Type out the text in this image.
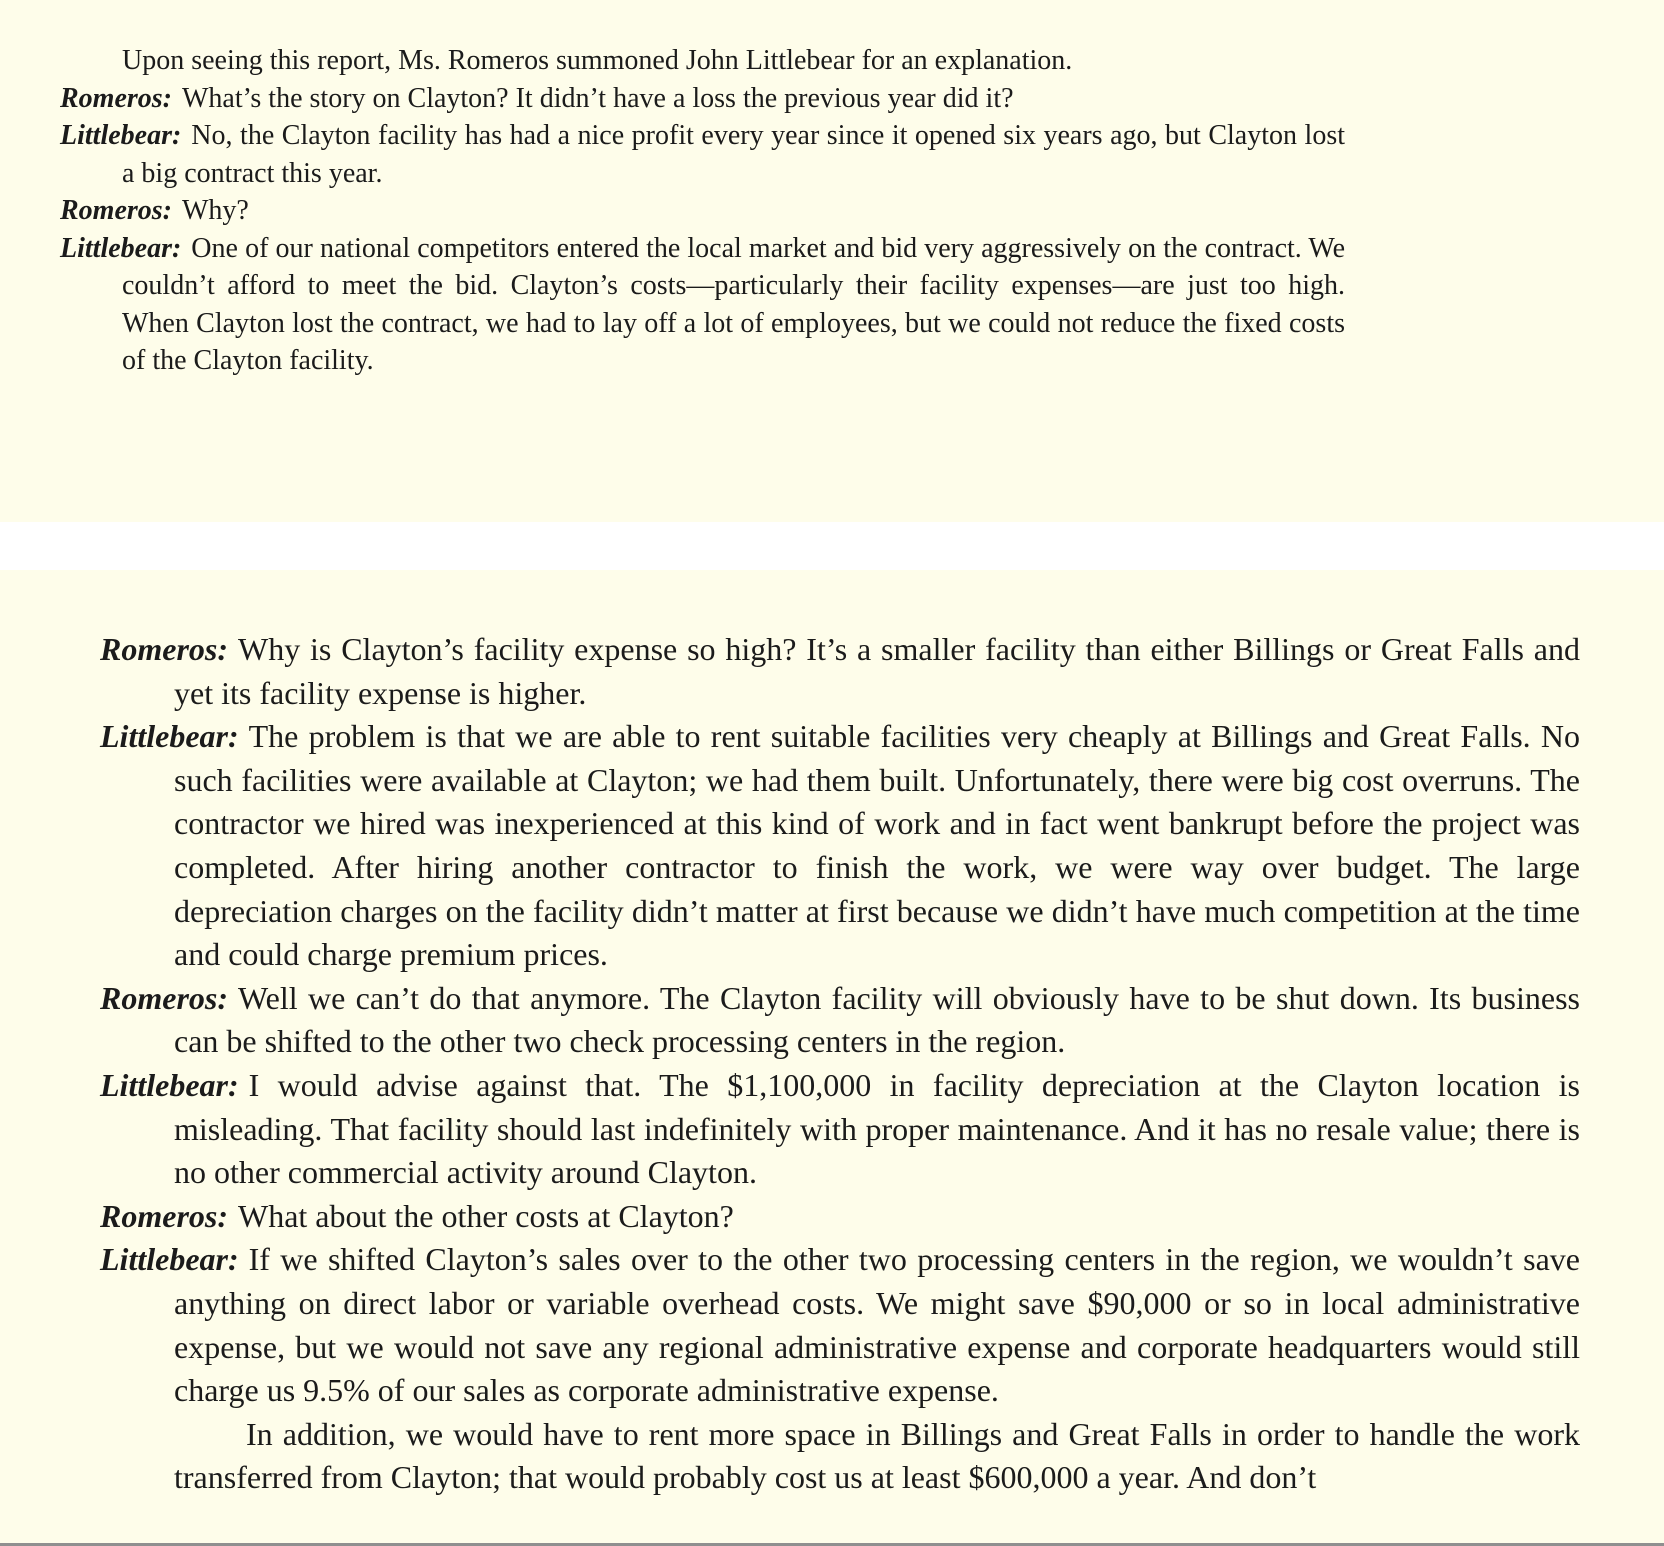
Upon seeing this report, Ms. Romeros summoned John Littlebear for an explanation.

Romeros: What’s the story on Clayton? It didn’t have a loss the previous year did it?

Littlebear: No, the Clayton facility has had a nice profit every year since it opened six years ago, but Clayton lost a big contract this year.

Romeros: Why?

Littlebear: One of our national competitors entered the local market and bid very aggressively on the contract. We couldn’t afford to meet the bid. Clayton’s costs—particularly their facility expenses—are just too high. When Clayton lost the contract, we had to lay off a lot of employees, but we could not reduce the fixed costs of the Clayton facility.

Romeros: Why is Clayton’s facility expense so high? It’s a smaller facility than either Billings or Great Falls and yet its facility expense is higher.

Littlebear: The problem is that we are able to rent suitable facilities very cheaply at Billings and Great Falls. No such facilities were available at Clayton; we had them built. Unfortunately, there were big cost overruns. The contractor we hired was inexperienced at this kind of work and in fact went bankrupt before the project was completed. After hiring another contractor to finish the work, we were way over budget. The large depreciation charges on the facility didn’t matter at first because we didn’t have much competition at the time and could charge premium prices.

Romeros: Well we can’t do that anymore. The Clayton facility will obviously have to be shut down. Its business can be shifted to the other two check processing centers in the region.

Littlebear: I would advise against that. The $1,100,000 in facility depreciation at the Clayton location is misleading. That facility should last indefinitely with proper maintenance. And it has no resale value; there is no other commercial activity around Clayton.

Romeros: What about the other costs at Clayton?

Littlebear: If we shifted Clayton’s sales over to the other two processing centers in the region, we wouldn’t save anything on direct labor or variable overhead costs. We might save $90,000 or so in local administrative expense, but we would not save any regional administrative expense and corporate headquarters would still charge us 9.5% of our sales as corporate administrative expense.

In addition, we would have to rent more space in Billings and Great Falls in order to handle the work transferred from Clayton; that would probably cost us at least $600,000 a year. And don’t
